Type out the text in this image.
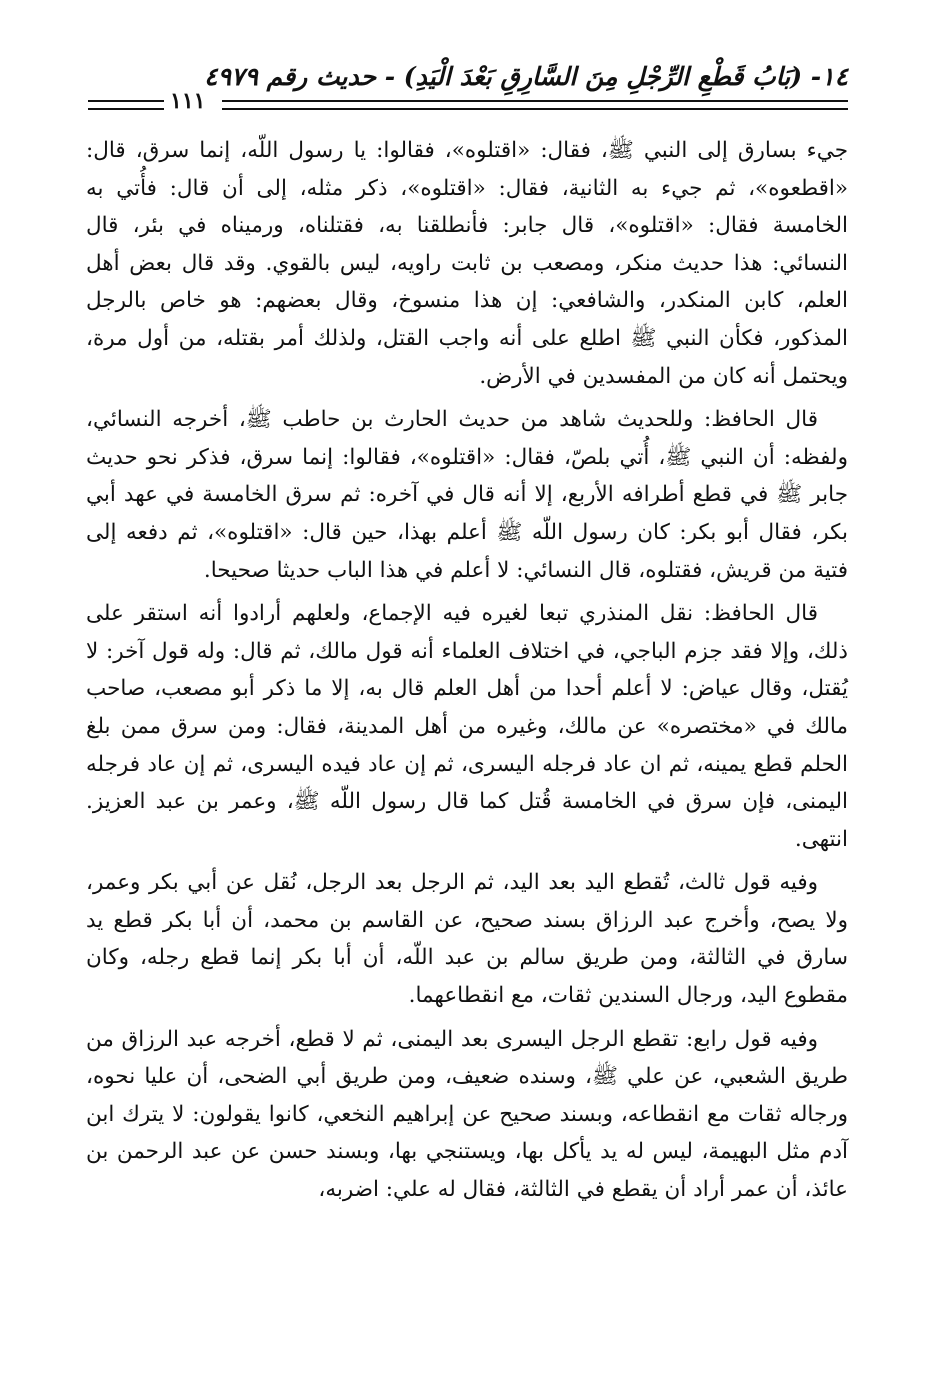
١٤- (بَابُ قَطْعِ الرِّجْلِ مِنَ السَّارِقِ بَعْدَ الْيَدِ) - حديث رقم ٤٩٧٩
١١١

جيء بسارق إلى النبي ﷺ، فقال: «اقتلوه»، فقالوا: يا رسول اللّه، إنما سرق، قال: «اقطعوه»، ثم جيء به الثانية، فقال: «اقتلوه»، ذكر مثله، إلى أن قال: فأُتي به الخامسة فقال: «اقتلوه»، قال جابر: فأنطلقنا به، فقتلناه، ورميناه في بئر، قال النسائي: هذا حديث منكر، ومصعب بن ثابت راويه، ليس بالقوي. وقد قال بعض أهل العلم، كابن المنكدر، والشافعي: إن هذا منسوخ، وقال بعضهم: هو خاص بالرجل المذكور، فكأن النبي ﷺ اطلع على أنه واجب القتل، ولذلك أمر بقتله، من أول مرة، ويحتمل أنه كان من المفسدين في الأرض.

قال الحافظ: وللحديث شاهد من حديث الحارث بن حاطب ﷺ، أخرجه النسائي، ولفظه: أن النبي ﷺ، أُتي بلصّ، فقال: «اقتلوه»، فقالوا: إنما سرق، فذكر نحو حديث جابر ﷺ في قطع أطرافه الأربع، إلا أنه قال في آخره: ثم سرق الخامسة في عهد أبي بكر، فقال أبو بكر: كان رسول اللّه ﷺ أعلم بهذا، حين قال: «اقتلوه»، ثم دفعه إلى فتية من قريش، فقتلوه، قال النسائي: لا أعلم في هذا الباب حديثا صحيحا.

قال الحافظ: نقل المنذري تبعا لغيره فيه الإجماع، ولعلهم أرادوا أنه استقر على ذلك، وإلا فقد جزم الباجي، في اختلاف العلماء أنه قول مالك، ثم قال: وله قول آخر: لا يُقتل، وقال عياض: لا أعلم أحدا من أهل العلم قال به، إلا ما ذكر أبو مصعب، صاحب مالك في «مختصره» عن مالك، وغيره من أهل المدينة، فقال: ومن سرق ممن بلغ الحلم قطع يمينه، ثم ان عاد فرجله اليسرى، ثم إن عاد فيده اليسرى، ثم إن عاد فرجله اليمنى، فإن سرق في الخامسة قُتل كما قال رسول اللّه ﷺ، وعمر بن عبد العزيز. انتهى.

وفيه قول ثالث، تُقطع اليد بعد اليد، ثم الرجل بعد الرجل، نُقل عن أبي بكر وعمر، ولا يصح، وأخرج عبد الرزاق بسند صحيح، عن القاسم بن محمد، أن أبا بكر قطع يد سارق في الثالثة، ومن طريق سالم بن عبد اللّه، أن أبا بكر إنما قطع رجله، وكان مقطوع اليد، ورجال السندين ثقات، مع انقطاعهما.

وفيه قول رابع: تقطع الرجل اليسرى بعد اليمنى، ثم لا قطع، أخرجه عبد الرزاق من طريق الشعبي، عن علي ﷺ، وسنده ضعيف، ومن طريق أبي الضحى، أن عليا نحوه، ورجاله ثقات مع انقطاعه، وبسند صحيح عن إبراهيم النخعي، كانوا يقولون: لا يترك ابن آدم مثل البهيمة، ليس له يد يأكل بها، ويستنجي بها، وبسند حسن عن عبد الرحمن بن عائذ، أن عمر أراد أن يقطع في الثالثة، فقال له علي: اضربه،
